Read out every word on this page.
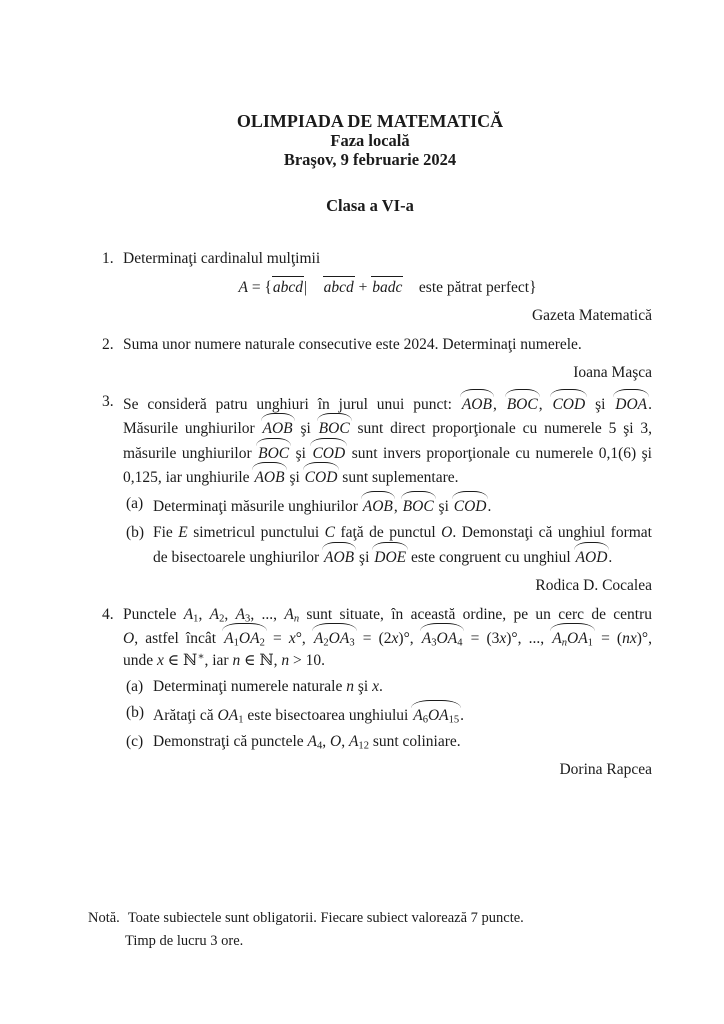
OLIMPIADA DE MATEMATICĂ
Faza locală
Braşov, 9 februarie 2024
Clasa a VI-a
1. Determinaţi cardinalul mulţimii
A = {abcd|  abcd + badc este pătrat perfect}
Gazeta Matematică
2. Suma unor numere naturale consecutive este 2024. Determinaţi numerele.
Ioana Maşca
3. Se consideră patru unghiuri în jurul unui punct: AOB, BOC, COD şi DOA.
Măsurile unghiurilor AOB şi BOC sunt direct proporţionale cu numerele 5 şi 3,
măsurile unghiurilor BOC şi COD sunt invers proporţionale cu numerele 0,1(6) şi
0,125, iar unghiurile AOB şi COD sunt suplementare.
(a) Determinaţi măsurile unghiurilor AOB, BOC şi COD.
(b) Fie E simetricul punctului C faţă de punctul O. Demonstaţi că unghiul format
de bisectoarele unghiurilor AOB şi DOE este congruent cu unghiul AOD.
Rodica D. Cocalea
4. Punctele $A_1$, $A_2$, $A_3$, ..., $A_n$ sunt situate, în această ordine, pe un cerc de centru
O, astfel încât $A_1OA_2 = x^\circ$, $A_2OA_3 = (2x)^\circ$, $A_3OA_4 = (3x)^\circ$, ..., $A_nOA_1 = (nx)^\circ$,
unde x ∈ ℕ∗, iar n ∈ ℕ, n > 10.
(a) Determinaţi numerele naturale n şi x.
(b) Arătaţi că $OA_1$ este bisectoarea unghiului $A_6OA_{15}$.
(c) Demonstraţi că punctele $A_4$, O, $A_{12}$ sunt coliniare.
Dorina Rapcea
Notă. Toate subiectele sunt obligatorii. Fiecare subiect valorează 7 puncte.
Timp de lucru 3 ore.
